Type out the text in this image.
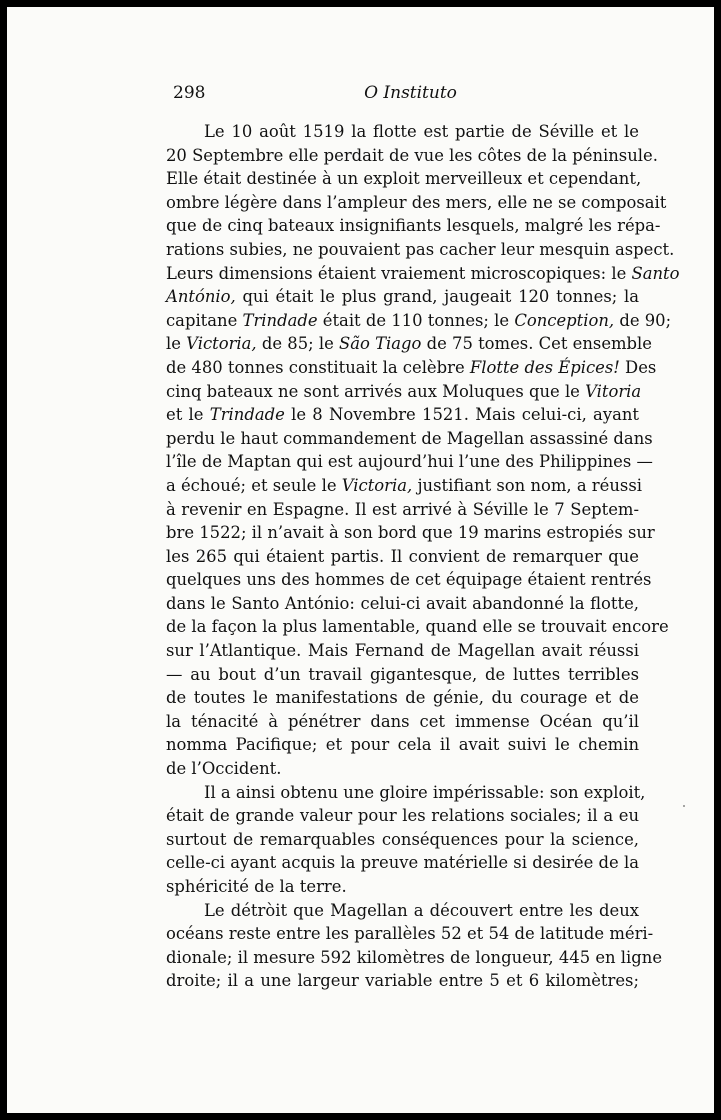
298	O Instituto
Le 10 août 1519 la flotte est partie de Séville et le
20 Septembre elle perdait de vue les côtes de la péninsule.
Elle était destinée à un exploit merveilleux et cependant,
ombre légère dans l’ampleur des mers, elle ne se composait
que de cinq bateaux insignifiants lesquels, malgré les répa-
rations subies, ne pouvaient pas cacher leur mesquin aspect.
Leurs dimensions étaient vraiement microscopiques: le Santo
António, qui était le plus grand, jaugeait 120 tonnes; la
capitane Trindade était de 110 tonnes; le Conception, de 90;
le Victoria, de 85; le São Tiago de 75 tomes. Cet ensemble
de 480 tonnes constituait la celèbre Flotte des Épices! Des
cinq bateaux ne sont arrivés aux Moluques que le Vitoria
et le Trindade le 8 Novembre 1521. Mais celui-ci, ayant
perdu le haut commandement de Magellan assassiné dans
l’île de Maptan qui est aujourd’hui l’une des Philippines —
a échoué; et seule le Victoria, justifiant son nom, a réussi
à revenir en Espagne. Il est arrivé à Séville le 7 Septem-
bre 1522; il n’avait à son bord que 19 marins estropiés sur
les 265 qui étaient partis. Il convient de remarquer que
quelques uns des hommes de cet équipage étaient rentrés
dans le Santo António: celui-ci avait abandonné la flotte,
de la façon la plus lamentable, quand elle se trouvait encore
sur l’Atlantique. Mais Fernand de Magellan avait réussi
— au bout d’un travail gigantesque, de luttes terribles
de toutes le manifestations de génie, du courage et de
la ténacité à pénétrer dans cet immense Océan qu’il
nomma Pacifique; et pour cela il avait suivi le chemin
de l’Occident.
Il a ainsi obtenu une gloire impérissable: son exploit,
était de grande valeur pour les relations sociales; il a eu
surtout de remarquables conséquences pour la science,
celle-ci ayant acquis la preuve matérielle si desirée de la
sphéricité de la terre.
Le détròit que Magellan a découvert entre les deux
océans reste entre les parallèles 52 et 54 de latitude méri-
dionale; il mesure 592 kilomètres de longueur, 445 en ligne
droite; il a une largeur variable entre 5 et 6 kilomètres;
